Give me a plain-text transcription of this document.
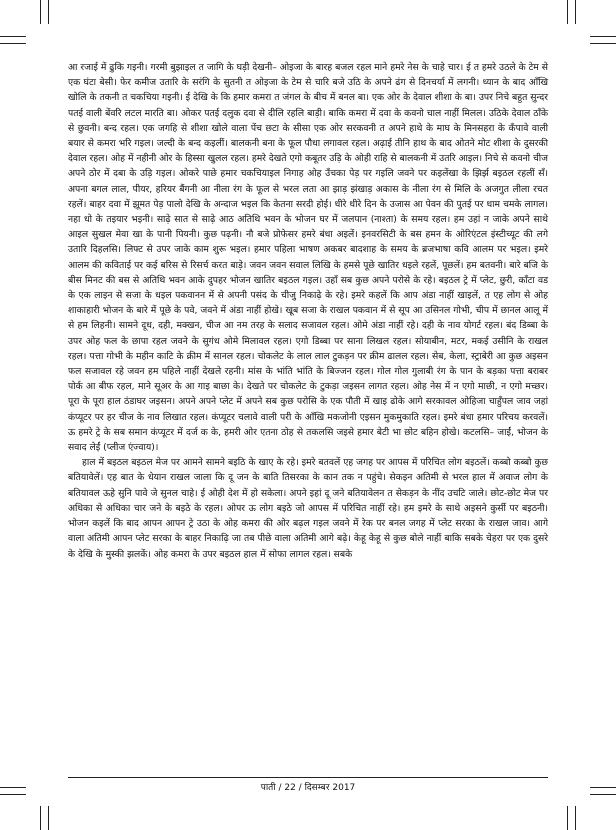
आ रजाई में ढुकि गइनी। गरमी बुझाइल त जागि के घड़ी देखनी– ओइजा के बारह बजल रहल माने हमरे नेस के चाहे चार। ई त हमरे उठले के टेम से एक घंटा बेसी। फेर कमीज उतारि के सरंगि के सुतनी त ओइजा के टेम से चारि बजे उठि के अपने ढंग से दिनचर्या में लगनी। ध्यान के बाद आँखि खोलि के तकनी त चकचिया गइनी। ई देखि के कि हमार कमरा त जंगल के बीच में बनल बा। एक ओर के देवाल शीशा के बा। उपर निचे बहुत सुन्दर पतई वाली बेंवरि लटल मारति बा। ओकर पतई दलुक दवा से दीलि रहलि बाड़ी। बाकि कमरा में दवा के कवनो चाल नाहीं मिलल। उठिके देवाल ठाँके से छुवनी। बन्द रहल। एक जगहि से शीशा खोले वाला पेंच छटा के सीसा एक ओर सरकवनी त अपने हाथे के माघ के मिनसहरा के कँपावे वाली बयार से कमरा भरि गइल। जल्दी के बन्द कइलीं। बालकनी बना के फूल पौधा लगावल रहल। अढ़ाई तीनि हाथ के बाद ओतने मोट शीशा के दुसरकी देवाल रहल। ओह में नहीनी ओर के हिस्सा खुलल रहल। हमरे देखते एगो कबूतर उड़ि के ओही राहि से बालकनी में उतरि आइल। निचे से कवनो चीज अपने ठोर में दबा के उड़ि गइल। ओकरे पाछे हमार चकचियाइल निगाह ओह उँचका पेड़ पर गइलि जवने पर कइलेंखा के झिर्झ बइठल रहलीं सँ। अपना बगल लाल, पीयर, हरियर बैंगनी आ नीला रंग के फूल से भरल लता आ झाड़ झंखाड़ अकास के नीला रंग से मिलि के अजगुत लीला रचत रहलें। बाहर दवा में झूमत पेड़ पालो देखि के अन्दाज भइल कि केतना सरदी होई। धीरे धीरे दिन के उजास आ पेवन की पुतई पर धाम चमके लागल। नहा धो के तइयार भइनी। साढ़े सात से साढ़े आठ अतिथि भवन के भोजन घर में जलपान (नाश्ता) के समय रहल। हम उहां न जाके अपने साथे आइल सुखल मेवा खा के पानी पियनी। कुछ पढ़नी। नौ बजे प्रोफेसर हमरे बंधा अइलें। इनवरसिटी के बस हमन के ओरिएंटल इंस्टीच्यूट की लगे उतारि दिहलसि। लिफ्ट से उपर जाके काम शुरू भइल। हमार पहिला भाषण अकबर बादशाह के समय के ब्रजभाषा कवि आलम पर भइल। इमरे आलम की कविताई पर कई बरिस से रिसर्च करत बाड़े। जवन जवन सवाल लिखि के हमसे पूछे खातिर धइले रहलें, पूछलें। हम बतवनी। बारे बजि के बीस मिनट की बस से अतिथि भवन आके दुपहर भोजन खातिर बइठल गइल। उहाँ सब कुछ अपने परोसे के रहे। बइठल ट्रे में प्लेट, छुरी, काँटा वड के एक लाइन से सजा के धइल पकवानन में से अपनी पसंद के चीजु निकाढ़े के रहे। इमरे कहलें कि आप अंडा नाहीं खाइलें, त एह लोग से ओह शाकाहारी भोजन के बारे में पूछे के पवे, जवने में अंडा नाहीं होखे। खूब सजा के राखल पकवान में से सूप आ उसिनल गोभी, चीप में छानल आलू में से हम लिहनी। सामने दूध, दही, मक्खन, चीज आ नम तरह के सलाद सजावल रहल। ओमे अंडा नाहीं रहे। दही के नाव योगर्ट रहल। बंद डिब्बा के उपर ओह फल के छापा रहल जवने के सुगंध ओमे मिलावल रहल। एगो डिब्बा पर साना लिखल रहल। सोयाबीन, मटर, मकई उसीनि के राखल रहल। पत्ता गोभी के महीन काटि के क्रीम में सानल रहल। चोकलेट के लाल लाल टुकड़न पर क्रीम ढालल रहल। सेब, केला, स्ट्राबेरी आ कुछ अइसन फल सजावल रहे जवन हम पहिले नाहीं देखले रहनी। मांस के भांति भांति के बिज्जन रहल। गोल गोल गुलाबी रंग के पान के बड़का पत्ता बराबर पोर्क आ बीफ रहल, माने सूअर के आ गाइ बाछा के। देखते पर चोकलेट के टुकड़ा जइसन लागत रहल। ओह नेस में न एगो माछी, न एगो मच्छर। पूरा के पूरा हाल ठंडाघर जइसन। अपने अपने प्लेट में अपने सब कुछ परोसि के एक पौती में खाइ ढोके आगे सरकावल ओहिजा चाहुँपल जाव जहां कंप्यूटर पर हर चीज के नाव लिखात रहल। कंप्यूटर चलावे वाली परी के आँखि मकजोनी एइसन मुकमुकाति रहल। इमरे बंधा हमार परिचय करवलें। ऊ हमरे ट्रे के सब समान कंप्यूटर में दर्ज क के, हमरी ओर एतना ठोह से तकलसि जइसे हमार बेटी भा छोट बहिन होखे। कटलसि– जाईं, भोजन के सवाद लेईं (प्लीज एंज्वाय)।

हाल में बइठल बइठल मेज पर आमने सामने बइठि के खाए के रहे। इमरे बतवलें एह जगह पर आपस में परिचित लोग बइठलें। कब्बो कब्बो कुछ बतियावेलें। एह बात के धेयान राखल जाला कि दू जन के बाति तिसरका के कान तक न पहुंचे। सेकइन अतिमी से भरल हाल में अवाज लोग के बतियावल ऊहे सुनि पावे जे सुनल चाहे। ई ओही देश में हो सकेला। अपने इहां दू जने बतियावेलन त सेकड़न के नींद उचटि जाले। छोट-छोट मेज पर अधिका से अधिका चार जने के बइठे के रहल। ओपर ऊ लोग बइठे जो आपस में परिचित नाहीं रहे। हम इमरे के साथे अइसने कुर्सी पर बइठनी। भोजन कइलें कि बाद आपन आपन ट्रे उठा के ओह कमरा की ओर बढ़ल गइल जवने में रेक पर बनल जगह में प्लेट सरका के राखल जाव। आगे वाला अतिमी आपन प्लेट सरका के बाहर निकाढ़ि जा तब पीछे वाला अतिमी आगे बढ़े। केहू केहू से कुछ बोले नाहीं बाकि सबके चेहरा पर एक दुसरे के देखि के मुस्की झलकें। ओह कमरा के उपर बइठल हाल में सोफा लागल रहल। सबके

पाती / 22 / दिसम्बर 2017
